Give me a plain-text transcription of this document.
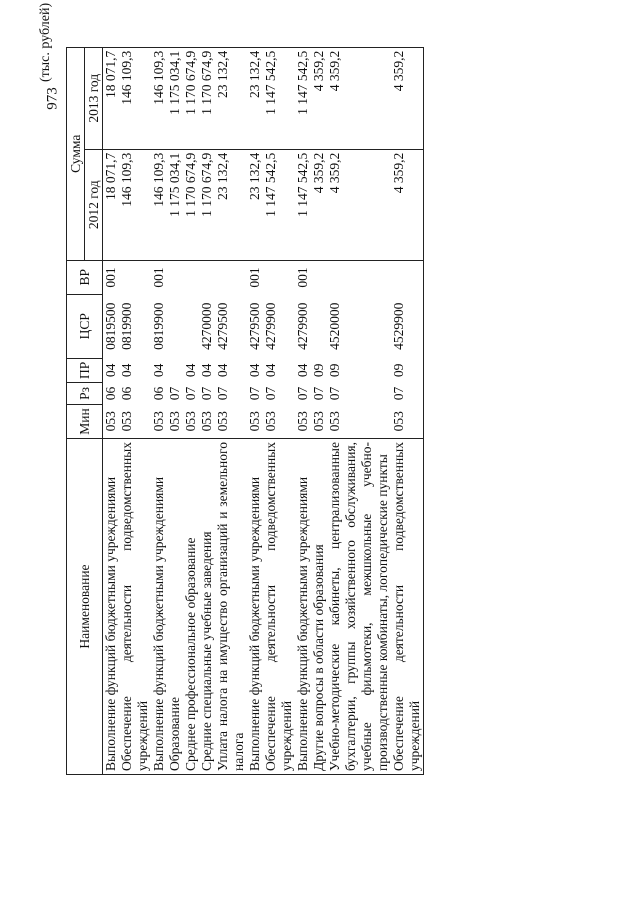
973
(тыс. рублей)
Наименование	Мин	Рз	ПР	ЦСР	ВР	Сумма	
						2012 год	2013 год
Выполнение функций бюджетными учреждениями	053	06	04	0819500	001	18 071,7	18 071,7
Обеспечение деятельности подведомственных учреждений	053	06	04	0819900		146 109,3	146 109,3
Выполнение функций бюджетными учреждениями	053	06	04	0819900	001	146 109,3	146 109,3
Образование	053	07				1 175 034,1	1 175 034,1
Среднее профессиональное образование	053	07	04			1 170 674,9	1 170 674,9
Средние специальные учебные заведения	053	07	04	4270000		1 170 674,9	1 170 674,9
Уплата налога на имущество организаций и земельного налога	053	07	04	4279500		23 132,4	23 132,4
Выполнение функций бюджетными учреждениями	053	07	04	4279500	001	23 132,4	23 132,4
Обеспечение деятельности подведомственных учреждений	053	07	04	4279900		1 147 542,5	1 147 542,5
Выполнение функций бюджетными учреждениями	053	07	04	4279900	001	1 147 542,5	1 147 542,5
Другие вопросы в области образования	053	07	09			4 359,2	4 359,2
Учебно-методические кабинеты, централизованные бухгалтерии, группы хозяйственного обслуживания, учебные фильмотеки, межшкольные учебно-производственные комбинаты, логопедические пункты	053	07	09	4520000		4 359,2	4 359,2
Обеспечение деятельности подведомственных учреждений	053	07	09	4529900		4 359,2	4 359,2
